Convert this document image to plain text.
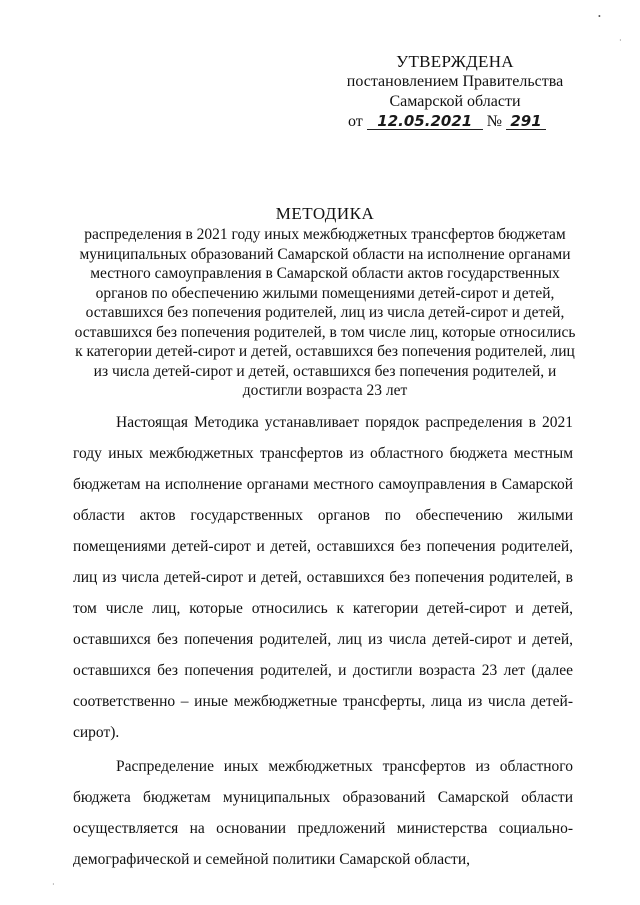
•
·
·
УТВЕРЖДЕНА
постановлением Правительства
Самарской области
от 12.05.2021 № 291
МЕТОДИКА
распределения в 2021 году иных межбюджетных трансфертов бюджетам
муниципальных образований Самарской области на исполнение органами
местного самоуправления в Самарской области актов государственных
органов по обеспечению жилыми помещениями детей-сирот и детей,
оставшихся без попечения родителей, лиц из числа детей-сирот и детей,
оставшихся без попечения родителей, в том числе лиц, которые относились
к категории детей-сирот и детей, оставшихся без попечения родителей, лиц
из числа детей-сирот и детей, оставшихся без попечения родителей, и
достигли возраста 23 лет

Настоящая Методика устанавливает порядок распределения в 2021 году иных межбюджетных трансфертов из областного бюджета местным бюджетам на исполнение органами местного самоуправления в Самарской области актов государственных органов по обеспечению жилыми помещениями детей-сирот и детей, оставшихся без попечения родителей, лиц из числа детей-сирот и детей, оставшихся без попечения родителей, в том числе лиц, которые относились к категории детей-сирот и детей, оставшихся без попечения родителей, лиц из числа детей-сирот и детей, оставшихся без попечения родителей, и достигли возраста 23 лет (далее соответственно – иные межбюджетные трансферты, лица из числа детей-сирот).

Распределение иных межбюджетных трансфертов из областного бюджета бюджетам муниципальных образований Самарской области осуществляется на основании предложений министерства социально-демографической и семейной политики Самарской области,
